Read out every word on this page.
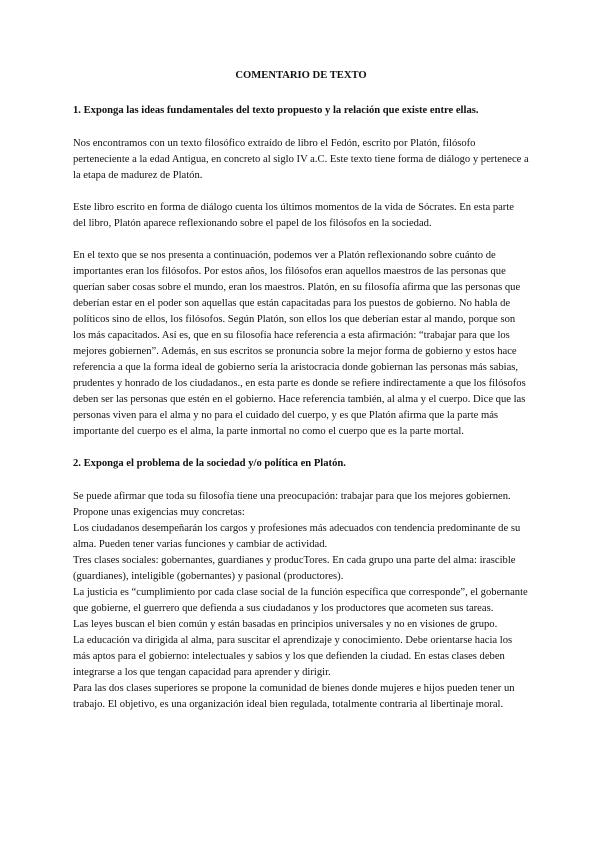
COMENTARIO DE TEXTO
1. Exponga las ideas fundamentales del texto propuesto y la relación que existe entre ellas.

Nos encontramos con un texto filosófico extraído de libro el Fedón, escrito por Platón, filósofo perteneciente a la edad Antigua, en concreto al siglo IV a.C. Este texto tiene forma de diálogo y pertenece a la etapa de madurez de Platón.

Este libro escrito en forma de diálogo cuenta los últimos momentos de la vida de Sócrates. En esta parte del libro, Platón aparece reflexionando sobre el papel de los filósofos en la sociedad.

En el texto que se nos presenta a continuación, podemos ver a Platón reflexionando sobre cuánto de importantes eran los filósofos. Por estos años, los filósofos eran aquellos maestros de las personas que querían saber cosas sobre el mundo, eran los maestros. Platón, en su filosofía afirma que las personas que deberían estar en el poder son aquellas que están capacitadas para los puestos de gobierno. No habla de políticos sino de ellos, los filósofos. Según Platón, son ellos los que deberían estar al mando, porque son los más capacitados. Así es, que en su filosofía hace referencia a esta afirmación: “trabajar para que los mejores gobiernen”. Además, en sus escritos se pronuncia sobre la mejor forma de gobierno y estos hace referencia a que la forma ideal de gobierno sería la aristocracia donde gobiernan las personas más sabias, prudentes y honrado de los ciudadanos., en esta parte es donde se refiere indirectamente a que los filósofos deben ser las personas que estén en el gobierno. Hace referencia también, al alma y el cuerpo. Dice que las personas viven para el alma y no para el cuidado del cuerpo, y es que Platón afirma que la parte más importante del cuerpo es el alma, la parte inmortal no como el cuerpo que es la parte mortal.

2. Exponga el problema de la sociedad y/o política en Platón.

Se puede afirmar que toda su filosofía tiene una preocupación: trabajar para que los mejores gobiernen. Propone unas exigencias muy concretas:

Los ciudadanos desempeñarán los cargos y profesiones más adecuados con tendencia predominante de su alma. Pueden tener varias funciones y cambiar de actividad.

Tres clases sociales: gobernantes, guardianes y producTores. En cada grupo una parte del alma: irascible (guardianes), inteligible (gobernantes) y pasional (productores).

La justicia es “cumplimiento por cada clase social de la función específica que corresponde”, el gobernante que gobierne, el guerrero que defienda a sus ciudadanos y los productores que acometen sus tareas.

Las leyes buscan el bien común y están basadas en principios universales y no en visiones de grupo.

La educación va dirigida al alma, para suscitar el aprendizaje y conocimiento. Debe orientarse hacia los más aptos para el gobierno: intelectuales y sabios y los que defienden la ciudad. En estas clases deben integrarse a los que tengan capacidad para aprender y dirigir.

Para las dos clases superiores se propone la comunidad de bienes donde mujeres e hijos pueden tener un trabajo. El objetivo, es una organización ideal bien regulada, totalmente contraria al libertinaje moral.
